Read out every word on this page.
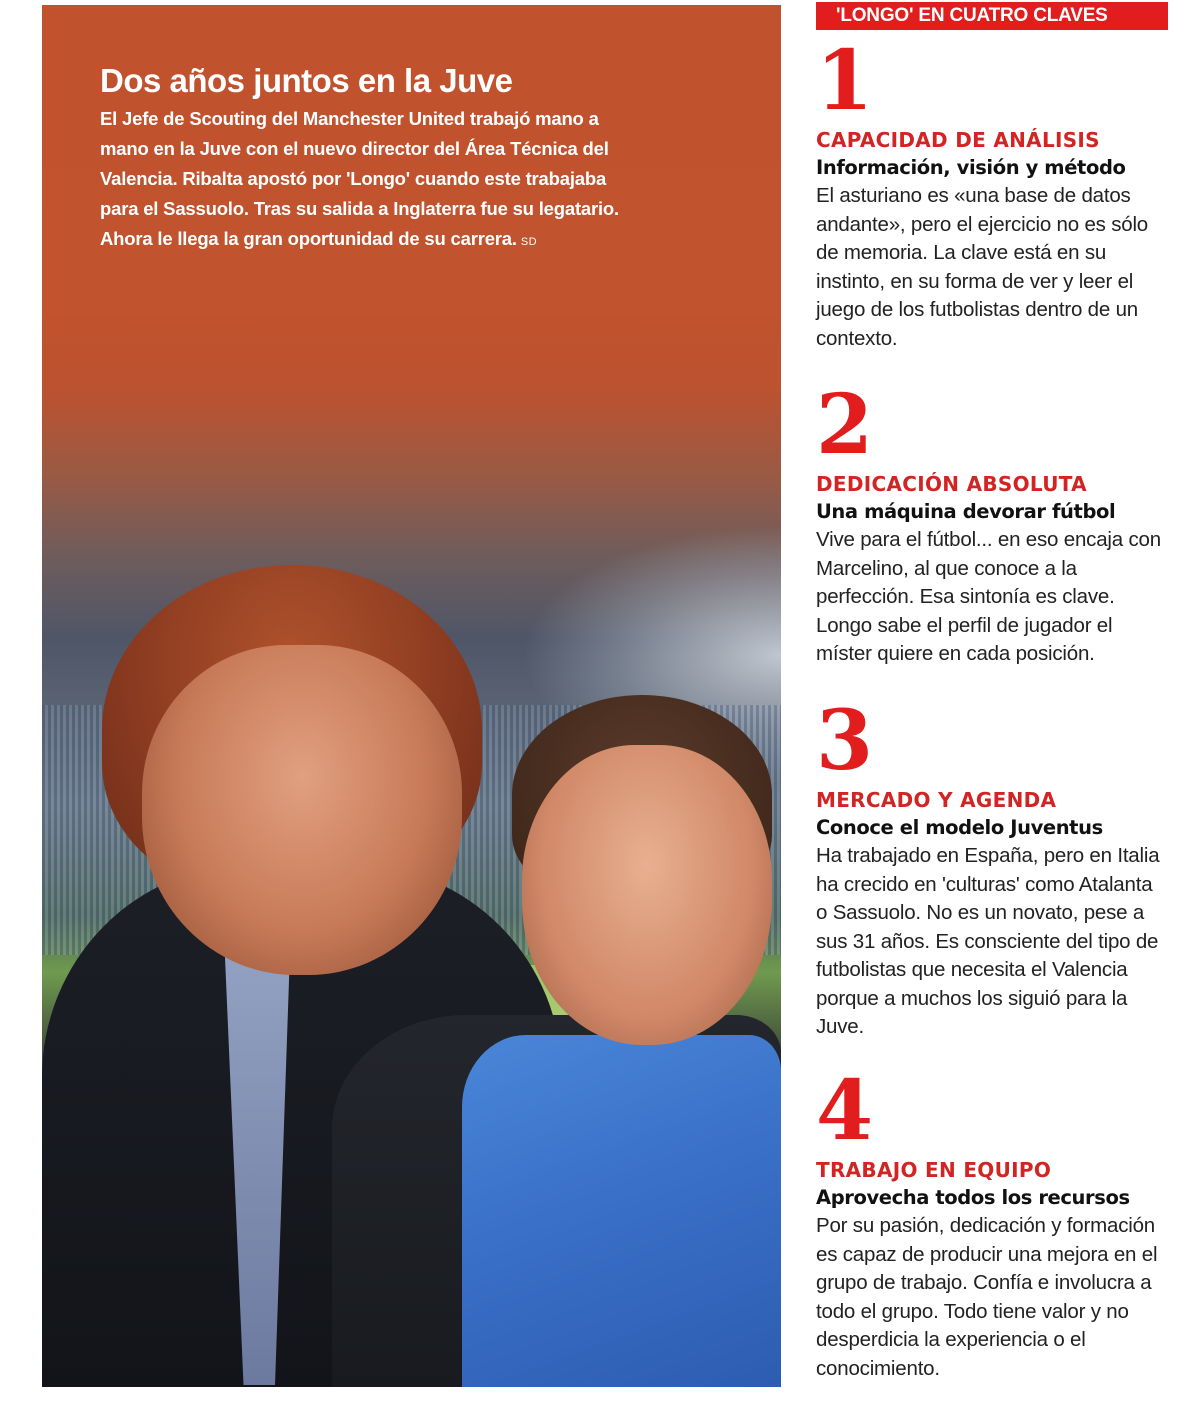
Dos años juntos en la Juve
El Jefe de Scouting del Manchester United trabajó mano a mano en la Juve con el nuevo director del Área Técnica del Valencia. Ribalta apostó por 'Longo' cuando este trabajaba para el Sassuolo. Tras su salida a Inglaterra fue su legatario. Ahora le llega la gran oportunidad de su carrera. SD
'LONGO' EN CUATRO CLAVES
1
CAPACIDAD DE ANÁLISIS
Información, visión y método
El asturiano es «una base de datos andante», pero el ejercicio no es sólo de memoria. La clave está en su instinto, en su forma de ver y leer el juego de los futbolistas dentro de un contexto.
2
DEDICACIÓN ABSOLUTA
Una máquina devorar fútbol
Vive para el fútbol... en eso encaja con Marcelino, al que conoce a la perfección. Esa sintonía es clave. Longo sabe el perfil de jugador el míster quiere en cada posición.
3
MERCADO Y AGENDA
Conoce el modelo Juventus
Ha trabajado en España, pero en Italia ha crecido en 'culturas' como Atalanta o Sassuolo. No es un novato, pese a sus 31 años. Es consciente del tipo de futbolistas que necesita el Valencia porque a muchos los siguió para la Juve.
4
TRABAJO EN EQUIPO
Aprovecha todos los recursos
Por su pasión, dedicación y formación es capaz de producir una mejora en el grupo de trabajo. Confía e involucra a todo el grupo. Todo tiene valor y no desperdicia la experiencia o el conocimiento.
